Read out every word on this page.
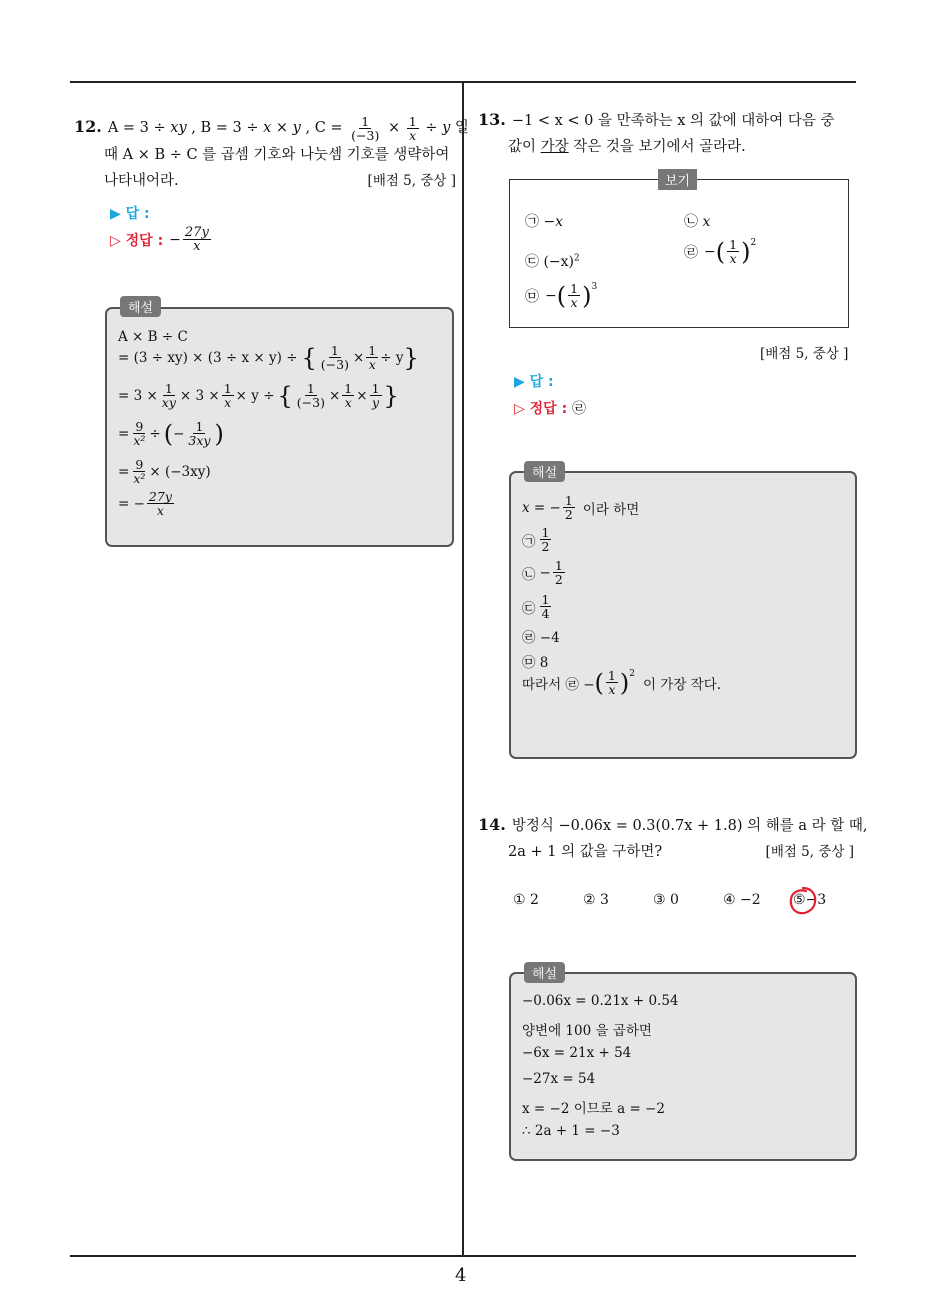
4
12. A = 3 ÷ xy , B = 3 ÷ x × y , $C = \frac{1}{(-3)} \times \frac{1}{x} \div y$ 일
때 A × B ÷ C 를 곱셈 기호와 나눗셈 기호를 생략하여
나타내어라.	[배점 5, 중상 ]
▶ 답 :
▷ 정답 : − $\frac{27y}{x}$
해설
A × B ÷ C
= (3 ÷ xy) × (3 ÷ x × y) ÷ { $\frac{1}{(-3)} \times \frac{1}{x} \div y$ }
= $3 \times \frac{1}{xy} \times 3 \times \frac{1}{x} \times y$ ÷ { $\frac{1}{(-3)} \times \frac{1}{x} \times \frac{1}{y}$ }
= $\frac{9}{\text{x²}}$ ÷ ( − $\frac{1}{3xy}$ )
= $\frac{9}{\text{x²}} \times (-3xy)$
= − $\frac{27y}{x}$
13. −1 < x < 0 을 만족하는 x 의 값에 대하여 다음 중
값이 가장 작은 것을 보기에서 골라라.
보기
㉠ −x	㉡ x
㉢ $(-x)^2$	㉣ − ( $\frac{1}{x} )^2$
㉤ − ( $\frac{1}{x} )^3$
[배점 5, 중상 ]
▶ 답 :
▷ 정답 : ㉣
해설
x = − $\frac{1}{2}$ 이라 하면
㉠ $\frac{1}{2}$
㉡ − $\frac{1}{2}$
㉢ $\frac{1}{4}$
㉣ −4
㉤ 8
따라서 ㉣ − ( $\frac{1}{x} )^2$
이 가장 작다.
14. 방정식 −0.06x = 0.3(0.7x + 1.8) 의 해를 a 라 할 때,
2a + 1 의 값을 구하면?	[배점 5, 중상 ]
① 2	② 3	③ 0	④ −2 ⑤−3
해설
−0.06x = 0.21x + 0.54
양변에 100 을 곱하면
−6x = 21x + 54
−27x = 54
x = −2 이므로 a = −2
∴ 2a + 1 = −3
